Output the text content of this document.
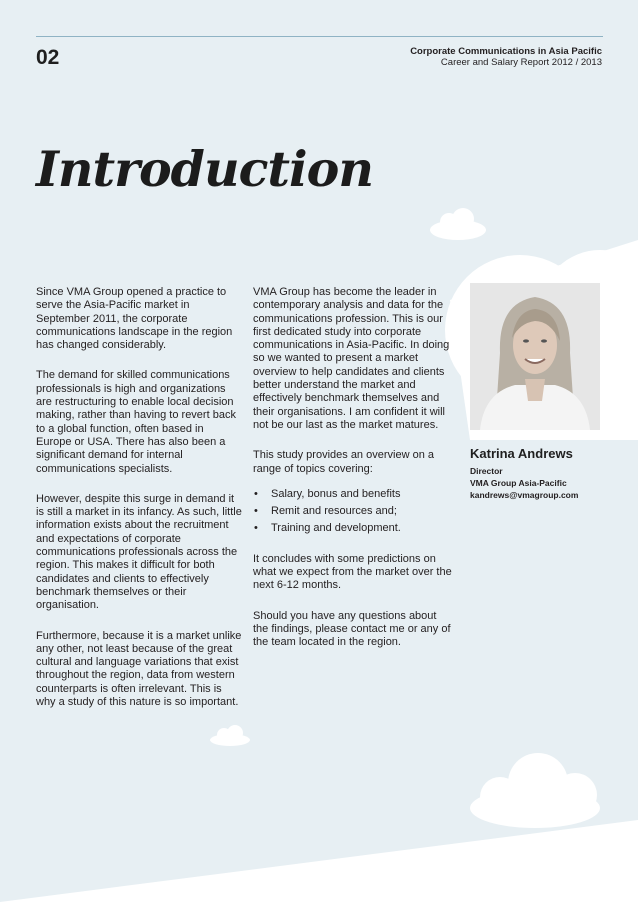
02	Corporate Communications in Asia Pacific
Career and Salary Report 2012 / 2013
Introduction

Since VMA Group opened a practice to serve the Asia-Pacific market in September 2011, the corporate communications landscape in the region has changed considerably.

The demand for skilled communications professionals is high and organizations are restructuring to enable local decision making, rather than having to revert back to a global function, often based in Europe or USA. There has also been a significant demand for internal communications specialists.

However, despite this surge in demand it is still a market in its infancy. As such, little information exists about the recruitment and expectations of corporate communications professionals across the region. This makes it difficult for both candidates and clients to effectively benchmark themselves or their organisation.

Furthermore, because it is a market unlike any other, not least because of the great cultural and language variations that exist throughout the region, data from western counterparts is often irrelevant. This is why a study of this nature is so important.

VMA Group has become the leader in contemporary analysis and data for the communications profession. This is our first dedicated study into corporate communications in Asia-Pacific. In doing so we wanted to present a market overview to help candidates and clients better understand the market and effectively benchmark themselves and their organisations. I am confident it will not be our last as the market matures.

This study provides an overview on a range of topics covering:

• Salary, bonus and benefits
• Remit and resources and;
• Training and development.

It concludes with some predictions on what we expect from the market over the next 6-12 months.

Should you have any questions about the findings, please contact me or any of the team located in the region.

Katrina Andrews
Director
VMA Group Asia-Pacific
kandrews@vmagroup.com
